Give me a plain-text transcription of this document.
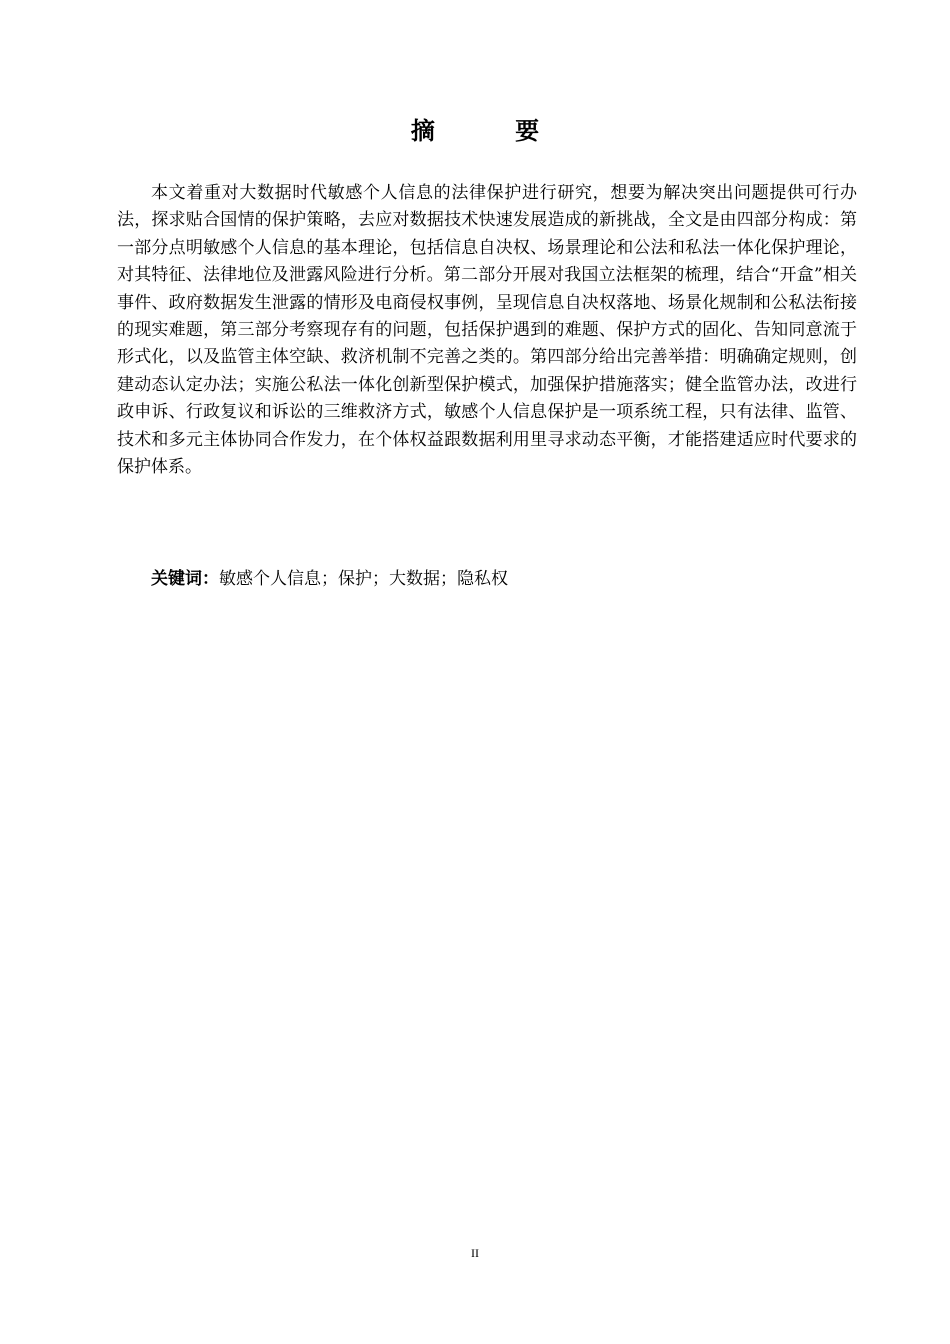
摘 要

本文着重对大数据时代敏感个人信息的法律保护进行研究，想要为解决突出问题提供可行办法，探求贴合国情的保护策略，去应对数据技术快速发展造成的新挑战，全文是由四部分构成：第一部分点明敏感个人信息的基本理论，包括信息自决权、场景理论和公法和私法一体化保护理论，对其特征、法律地位及泄露风险进行分析。第二部分开展对我国立法框架的梳理，结合“开盒”相关事件、政府数据发生泄露的情形及电商侵权事例，呈现信息自决权落地、场景化规制和公私法衔接的现实难题，第三部分考察现存有的问题，包括保护遇到的难题、保护方式的固化、告知同意流于形式化，以及监管主体空缺、救济机制不完善之类的。第四部分给出完善举措：明确确定规则，创建动态认定办法；实施公私法一体化创新型保护模式，加强保护措施落实；健全监管办法，改进行政申诉、行政复议和诉讼的三维救济方式，敏感个人信息保护是一项系统工程，只有法律、监管、技术和多元主体协同合作发力，在个体权益跟数据利用里寻求动态平衡，才能搭建适应时代要求的保护体系。

关键词：敏感个人信息；保护；大数据；隐私权

II
